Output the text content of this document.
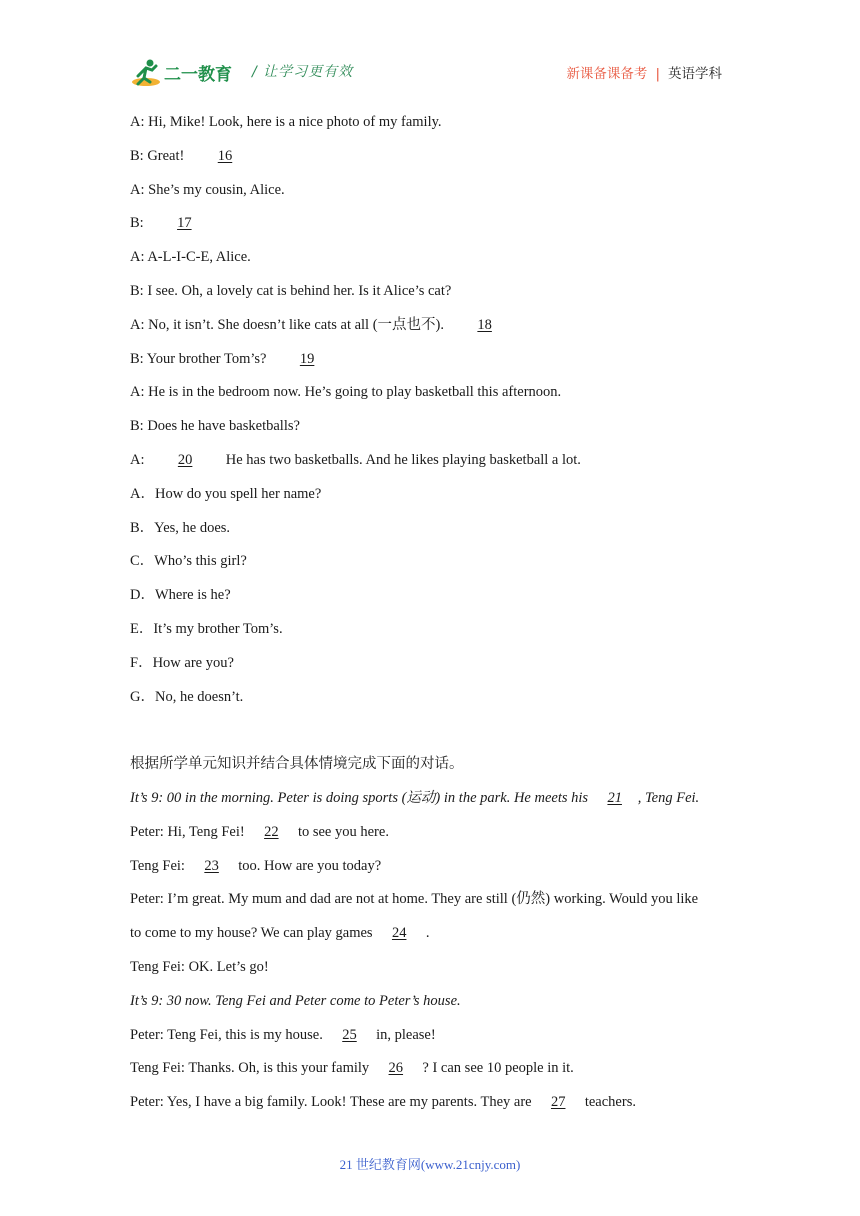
二一教育 / 让学习更有效	新课备课备考 | 英语学科
A: Hi, Mike! Look, here is a nice photo of my family.
B: Great! 16
A: She’s my cousin, Alice.
B: 17
A: A-L-I-C-E, Alice.
B: I see. Oh, a lovely cat is behind her. Is it Alice’s cat?
A: No, it isn’t. She doesn’t like cats at all (一点也不). 18
B: Your brother Tom’s? 19
A: He is in the bedroom now. He’s going to play basketball this afternoon.
B: Does he have basketballs?
A: 20 He has two basketballs. And he likes playing basketball a lot.
A．How do you spell her name?
B．Yes, he does.
C．Who’s this girl?
D．Where is he?
E．It’s my brother Tom’s.
F．How are you?
G．No, he doesn’t.
根据所学单元知识并结合具体情境完成下面的对话。
It’s 9: 00 in the morning. Peter is doing sports (运动) in the park. He meets his 21 , Teng Fei.
Peter: Hi, Teng Fei! 22 to see you here.
Teng Fei: 23 too. How are you today?
Peter: I’m great. My mum and dad are not at home. They are still (仍然) working. Would you like
to come to my house? We can play games 24 .
Teng Fei: OK. Let’s go!
It’s 9: 30 now. Teng Fei and Peter come to Peter’s house.
Peter: Teng Fei, this is my house. 25 in, please!
Teng Fei: Thanks. Oh, is this your family 26 ? I can see 10 people in it.
Peter: Yes, I have a big family. Look! These are my parents. They are 27 teachers.
21 世纪教育网(www.21cnjy.com)
